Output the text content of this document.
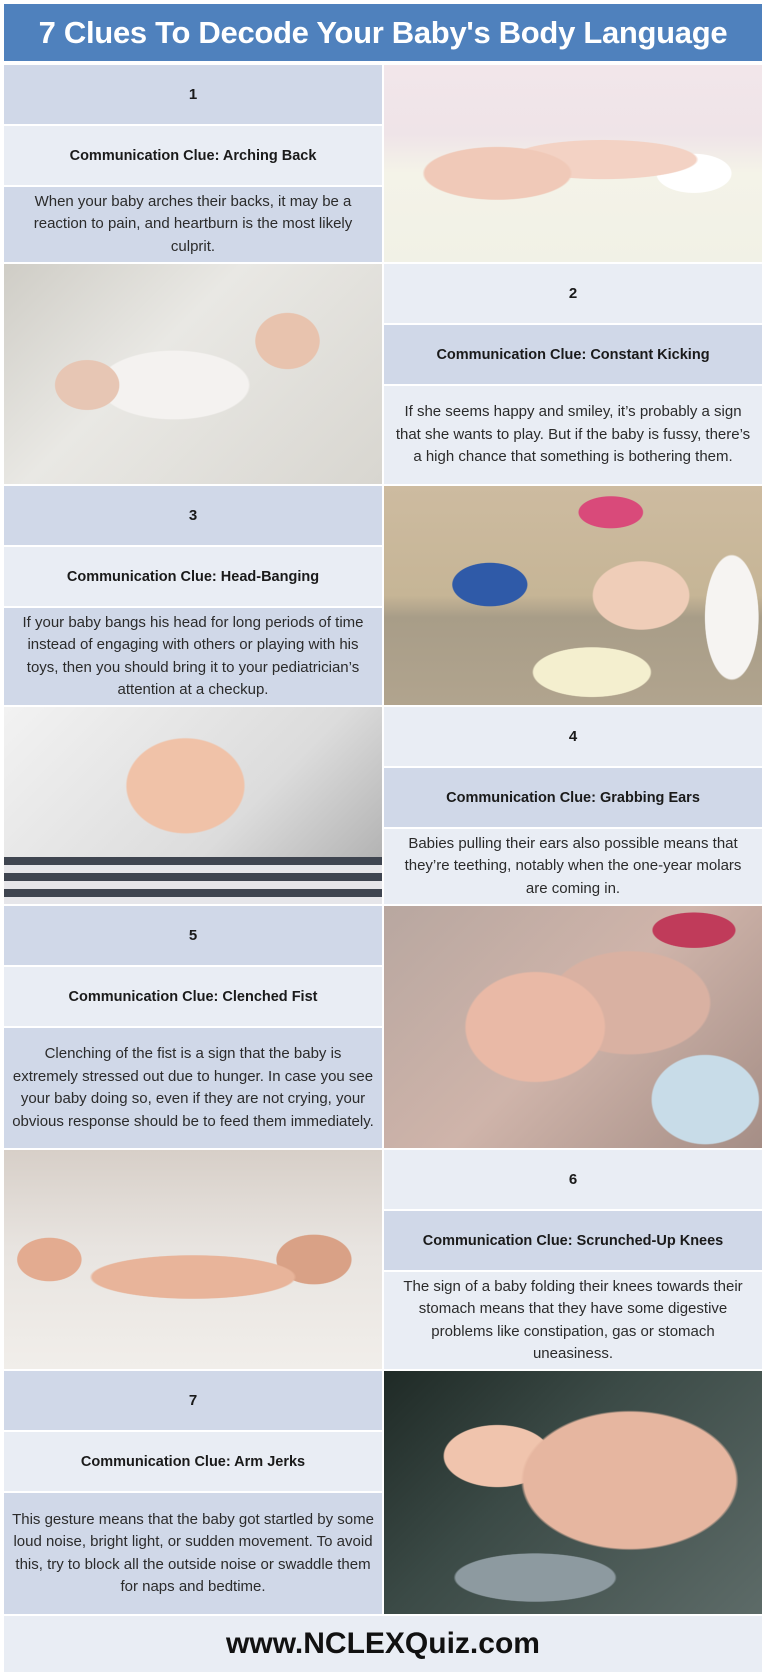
7 Clues To Decode Your Baby's Body Language
1
Communication Clue: Arching Back
When your baby arches their backs, it may be a reaction to pain, and heartburn is the most likely culprit.
2
Communication Clue: Constant Kicking
If she seems happy and smiley, it’s probably a sign that she wants to play. But if the baby is fussy, there’s a high chance that something is bothering them.
3
Communication Clue: Head-Banging
If your baby bangs his head for long periods of time instead of engaging with others or playing with his toys, then you should bring it to your pediatrician’s attention at a checkup.
4
Communication Clue: Grabbing Ears
Babies pulling their ears also possible means that they’re teething, notably when the one-year molars are coming in.
5
Communication Clue: Clenched Fist
Clenching of the fist is a sign that the baby is extremely stressed out due to hunger. In case you see your baby doing so, even if they are not crying, your obvious response should be to feed them immediately.
6
Communication Clue: Scrunched-Up Knees
The sign of a baby folding their knees towards their stomach means that they have some digestive problems like constipation, gas or stomach uneasiness.
7
Communication Clue: Arm Jerks
This gesture means that the baby got startled by some loud noise, bright light, or sudden movement. To avoid this, try to block all the outside noise or swaddle them for naps and bedtime.
www.NCLEXQuiz.com
